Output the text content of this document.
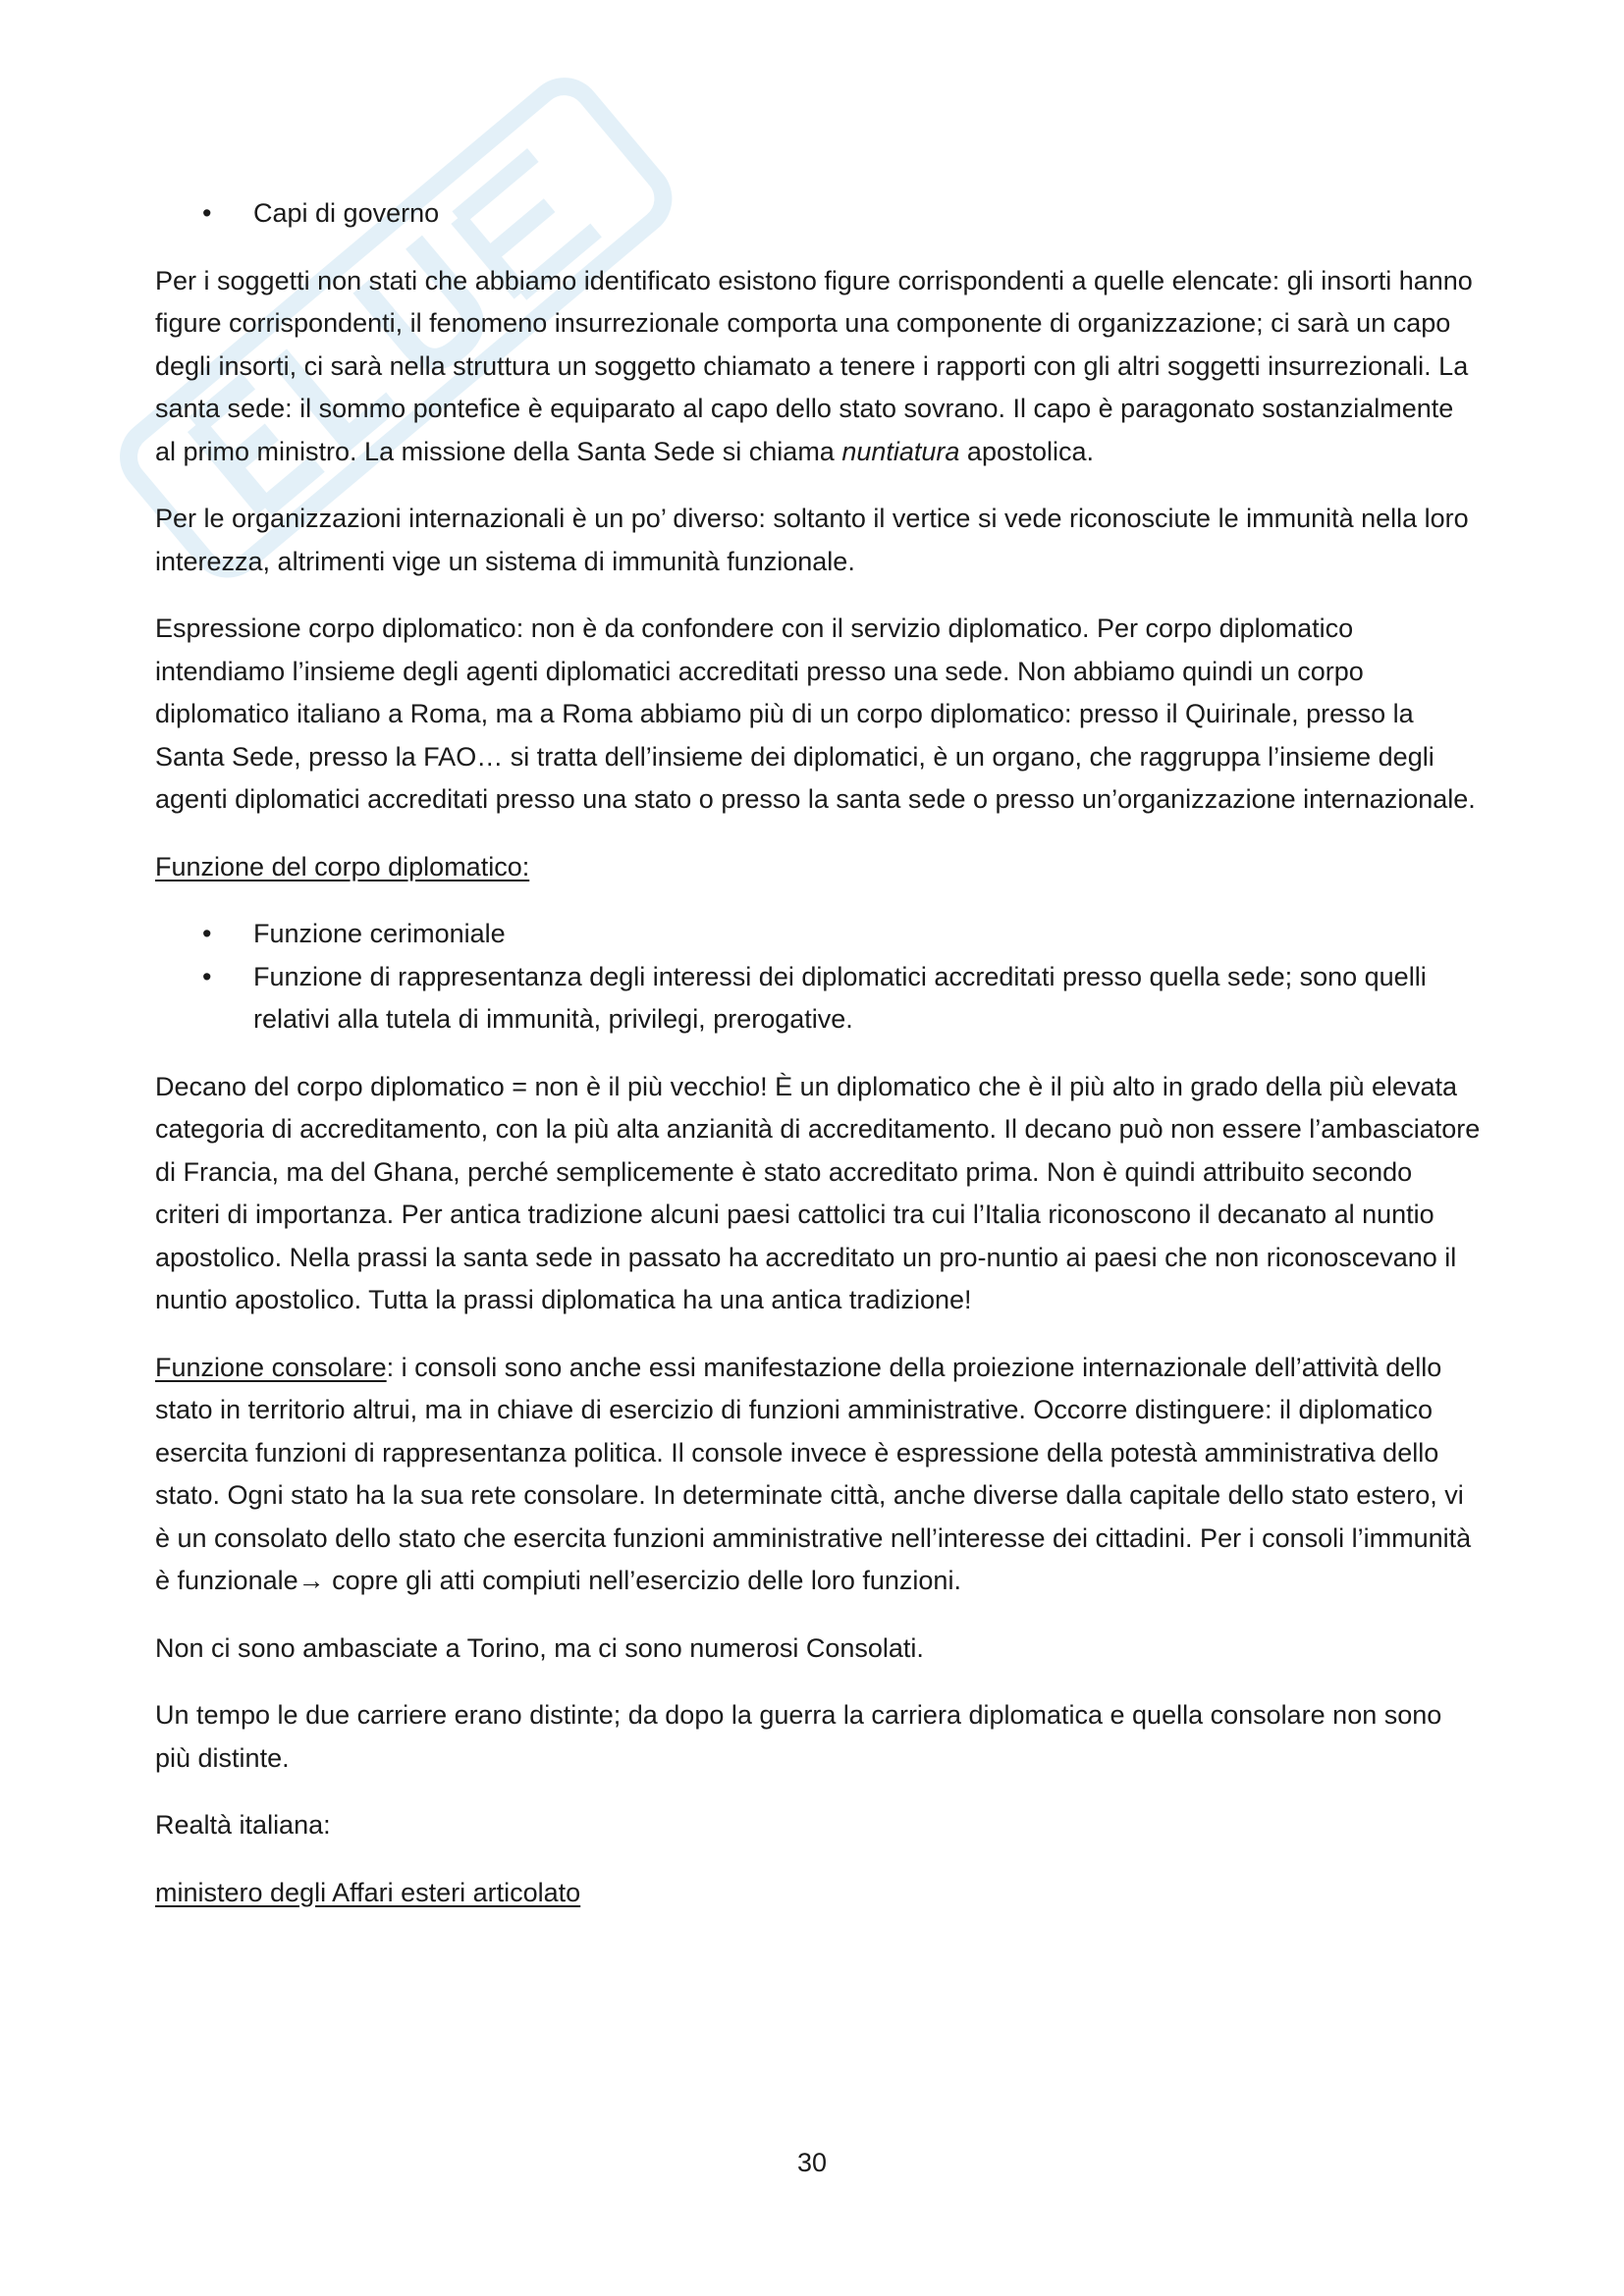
• Capi di governo

Per i soggetti non stati che abbiamo identificato esistono figure corrispondenti a quelle elencate: gli insorti hanno figure corrispondenti, il fenomeno insurrezionale comporta una componente di organizzazione; ci sarà un capo degli insorti, ci sarà nella struttura un soggetto chiamato a tenere i rapporti con gli altri soggetti insurrezionali. La santa sede: il sommo pontefice è equiparato al capo dello stato sovrano. Il capo è paragonato sostanzialmente al primo ministro. La missione della Santa Sede si chiama nuntiatura apostolica.

Per le organizzazioni internazionali è un po’ diverso: soltanto il vertice si vede riconosciute le immunità nella loro interezza, altrimenti vige un sistema di immunità funzionale.

Espressione corpo diplomatico: non è da confondere con il servizio diplomatico. Per corpo diplomatico intendiamo l’insieme degli agenti diplomatici accreditati presso una sede. Non abbiamo quindi un corpo diplomatico italiano a Roma, ma a Roma abbiamo più di un corpo diplomatico: presso il Quirinale, presso la Santa Sede, presso la FAO… si tratta dell’insieme dei diplomatici, è un organo, che raggruppa l’insieme degli agenti diplomatici accreditati presso una stato o presso la santa sede o presso un’organizzazione internazionale.

Funzione del corpo diplomatico:

• Funzione cerimoniale
• Funzione di rappresentanza degli interessi dei diplomatici accreditati presso quella sede; sono quelli relativi alla tutela di immunità, privilegi, prerogative.

Decano del corpo diplomatico = non è il più vecchio! È un diplomatico che è il più alto in grado della più elevata categoria di accreditamento, con la più alta anzianità di accreditamento. Il decano può non essere l’ambasciatore di Francia, ma del Ghana, perché semplicemente è stato accreditato prima. Non è quindi attribuito secondo criteri di importanza. Per antica tradizione alcuni paesi cattolici tra cui l’Italia riconoscono il decanato al nuntio apostolico. Nella prassi la santa sede in passato ha accreditato un pro-nuntio ai paesi che non riconoscevano il nuntio apostolico. Tutta la prassi diplomatica ha una antica tradizione!

Funzione consolare: i consoli sono anche essi manifestazione della proiezione internazionale dell’attività dello stato in territorio altrui, ma in chiave di esercizio di funzioni amministrative. Occorre distinguere: il diplomatico esercita funzioni di rappresentanza politica. Il console invece è espressione della potestà amministrativa dello stato. Ogni stato ha la sua rete consolare. In determinate città, anche diverse dalla capitale dello stato estero, vi è un consolato dello stato che esercita funzioni amministrative nell’interesse dei cittadini. Per i consoli l’immunità è funzionale→ copre gli atti compiuti nell’esercizio delle loro funzioni.

Non ci sono ambasciate a Torino, ma ci sono numerosi Consolati.

Un tempo le due carriere erano distinte; da dopo la guerra la carriera diplomatica e quella consolare non sono più distinte.

Realtà italiana:

ministero degli Affari esteri articolato

30
